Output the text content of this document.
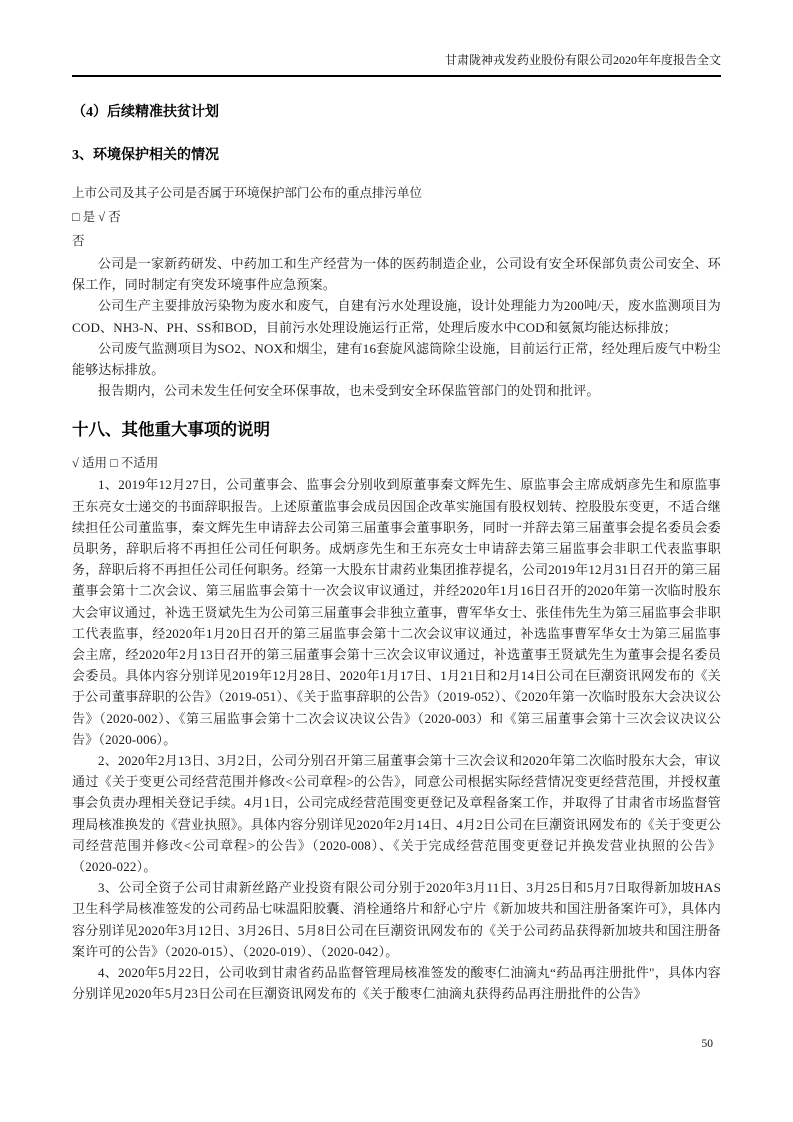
甘肃陇神戎发药业股份有限公司2020年年度报告全文
（4）后续精准扶贫计划
3、环境保护相关的情况

上市公司及其子公司是否属于环境保护部门公布的重点排污单位

□ 是 √ 否

否

公司是一家新药研发、中药加工和生产经营为一体的医药制造企业，公司设有安全环保部负责公司安全、环保工作，同时制定有突发环境事件应急预案。

公司生产主要排放污染物为废水和废气，自建有污水处理设施，设计处理能力为200吨/天，废水监测项目为COD、NH3-N、PH、SS和BOD，目前污水处理设施运行正常，处理后废水中COD和氨氮均能达标排放；

公司废气监测项目为SO2、NOX和烟尘，建有16套旋风滤筒除尘设施，目前运行正常，经处理后废气中粉尘能够达标排放。

报告期内，公司未发生任何安全环保事故，也未受到安全环保监管部门的处罚和批评。

十八、其他重大事项的说明

√ 适用 □ 不适用

1、2019年12月27日，公司董事会、监事会分别收到原董事秦文辉先生、原监事会主席成炳彦先生和原监事王东亮女士递交的书面辞职报告。上述原董监事会成员因国企改革实施国有股权划转、控股股东变更，不适合继续担任公司董监事，秦文辉先生申请辞去公司第三届董事会董事职务，同时一并辞去第三届董事会提名委员会委员职务，辞职后将不再担任公司任何职务。成炳彦先生和王东亮女士申请辞去第三届监事会非职工代表监事职务，辞职后将不再担任公司任何职务。经第一大股东甘肃药业集团推荐提名，公司2019年12月31日召开的第三届董事会第十二次会议、第三届监事会第十一次会议审议通过，并经2020年1月16日召开的2020年第一次临时股东大会审议通过，补选王贤斌先生为公司第三届董事会非独立董事，曹军华女士、张佳伟先生为第三届监事会非职工代表监事，经2020年1月20日召开的第三届监事会第十二次会议审议通过，补选监事曹军华女士为第三届监事会主席，经2020年2月13日召开的第三届董事会第十三次会议审议通过，补选董事王贤斌先生为董事会提名委员会委员。具体内容分别详见2019年12月28日、2020年1月17日、1月21日和2月14日公司在巨潮资讯网发布的《关于公司董事辞职的公告》（2019-051）、《关于监事辞职的公告》（2019-052）、《2020年第一次临时股东大会决议公告》（2020-002）、《第三届监事会第十二次会议决议公告》（2020-003）和《第三届董事会第十三次会议决议公告》（2020-006）。

2、2020年2月13日、3月2日，公司分别召开第三届董事会第十三次会议和2020年第二次临时股东大会，审议通过《关于变更公司经营范围并修改<公司章程>的公告》，同意公司根据实际经营情况变更经营范围，并授权董事会负责办理相关登记手续。4月1日，公司完成经营范围变更登记及章程备案工作，并取得了甘肃省市场监督管理局核准换发的《营业执照》。具体内容分别详见2020年2月14日、4月2日公司在巨潮资讯网发布的《关于变更公司经营范围并修改<公司章程>的公告》（2020-008）、《关于完成经营范围变更登记并换发营业执照的公告》（2020-022）。

3、公司全资子公司甘肃新丝路产业投资有限公司分别于2020年3月11日、3月25日和5月7日取得新加坡HAS卫生科学局核准签发的公司药品七味温阳胶囊、消栓通络片和舒心宁片《新加坡共和国注册备案许可》，具体内容分别详见2020年3月12日、3月26日、5月8日公司在巨潮资讯网发布的《关于公司药品获得新加坡共和国注册备案许可的公告》（2020-015）、（2020-019）、（2020-042）。

4、2020年5月22日，公司收到甘肃省药品监督管理局核准签发的酸枣仁油滴丸“药品再注册批件"，具体内容分别详见2020年5月23日公司在巨潮资讯网发布的《关于酸枣仁油滴丸获得药品再注册批件的公告》

50
